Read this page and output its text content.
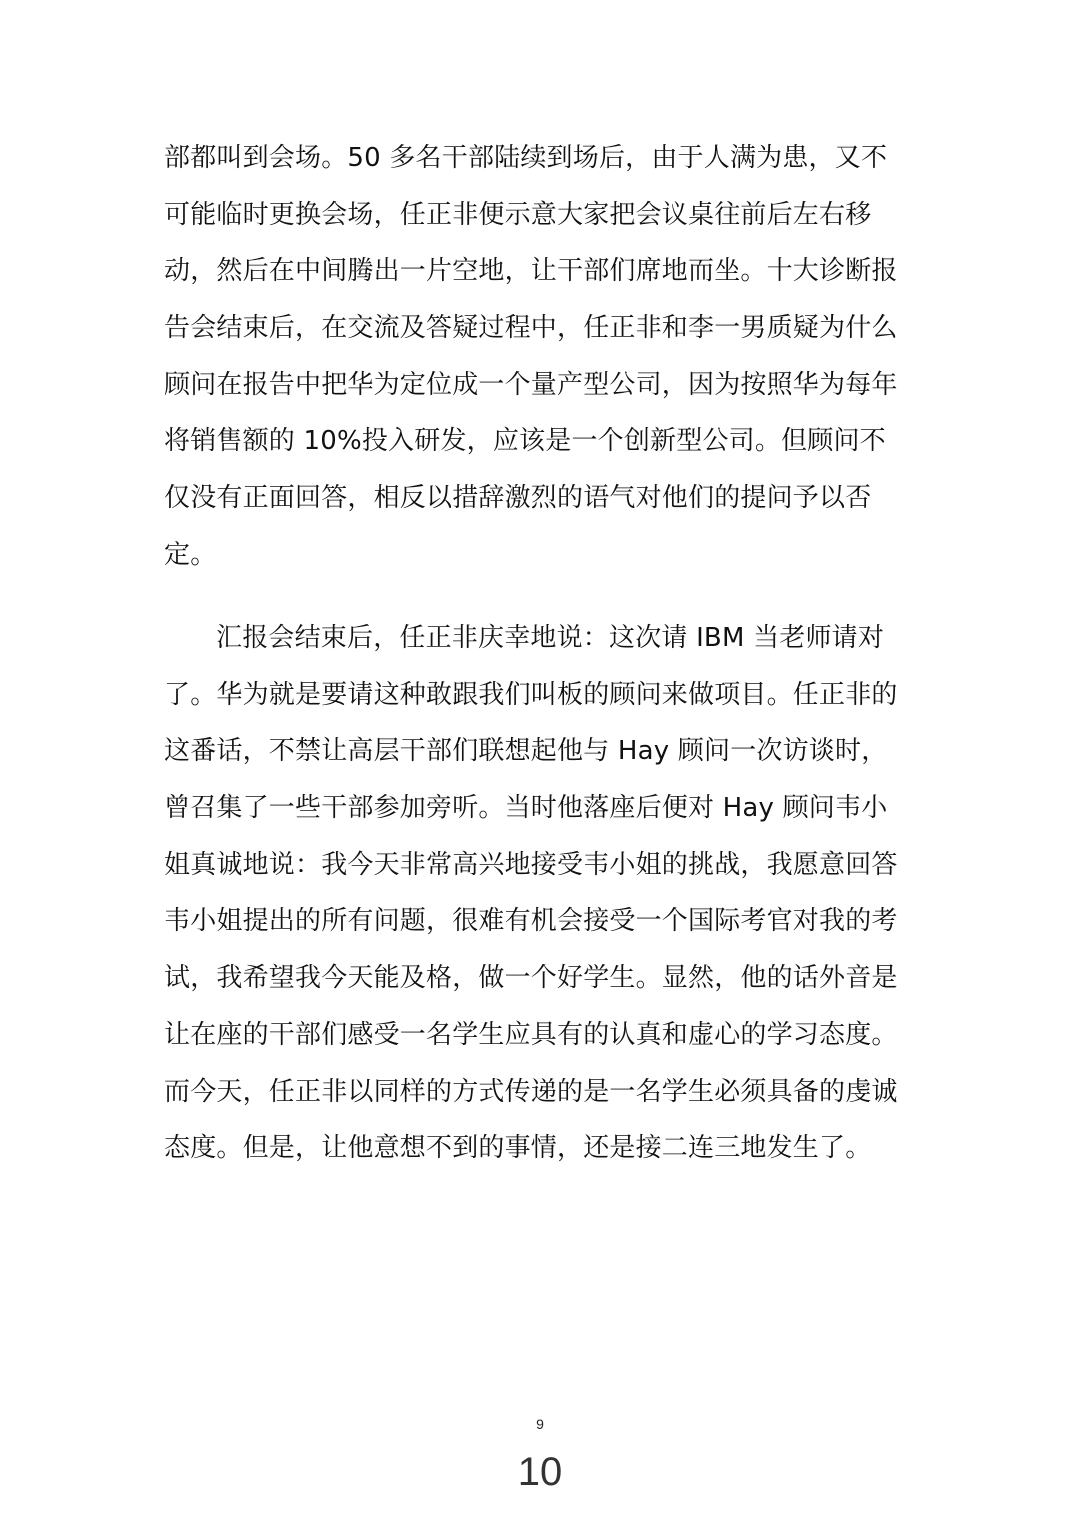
部都叫到会场。50 多名干部陆续到场后，由于人满为患，又不
可能临时更换会场，任正非便示意大家把会议桌往前后左右移
动，然后在中间腾出一片空地，让干部们席地而坐。十大诊断报
告会结束后，在交流及答疑过程中，任正非和李一男质疑为什么
顾问在报告中把华为定位成一个量产型公司，因为按照华为每年
将销售额的 10%投入研发，应该是一个创新型公司。但顾问不
仅没有正面回答，相反以措辞激烈的语气对他们的提问予以否
定。
汇报会结束后，任正非庆幸地说：这次请 IBM 当老师请对
了。华为就是要请这种敢跟我们叫板的顾问来做项目。任正非的
这番话，不禁让高层干部们联想起他与 Hay 顾问一次访谈时，
曾召集了一些干部参加旁听。当时他落座后便对 Hay 顾问韦小
姐真诚地说：我今天非常高兴地接受韦小姐的挑战，我愿意回答
韦小姐提出的所有问题，很难有机会接受一个国际考官对我的考
试，我希望我今天能及格，做一个好学生。显然，他的话外音是
让在座的干部们感受一名学生应具有的认真和虚心的学习态度。
而今天，任正非以同样的方式传递的是一名学生必须具备的虔诚
态度。但是，让他意想不到的事情，还是接二连三地发生了。
9
10
